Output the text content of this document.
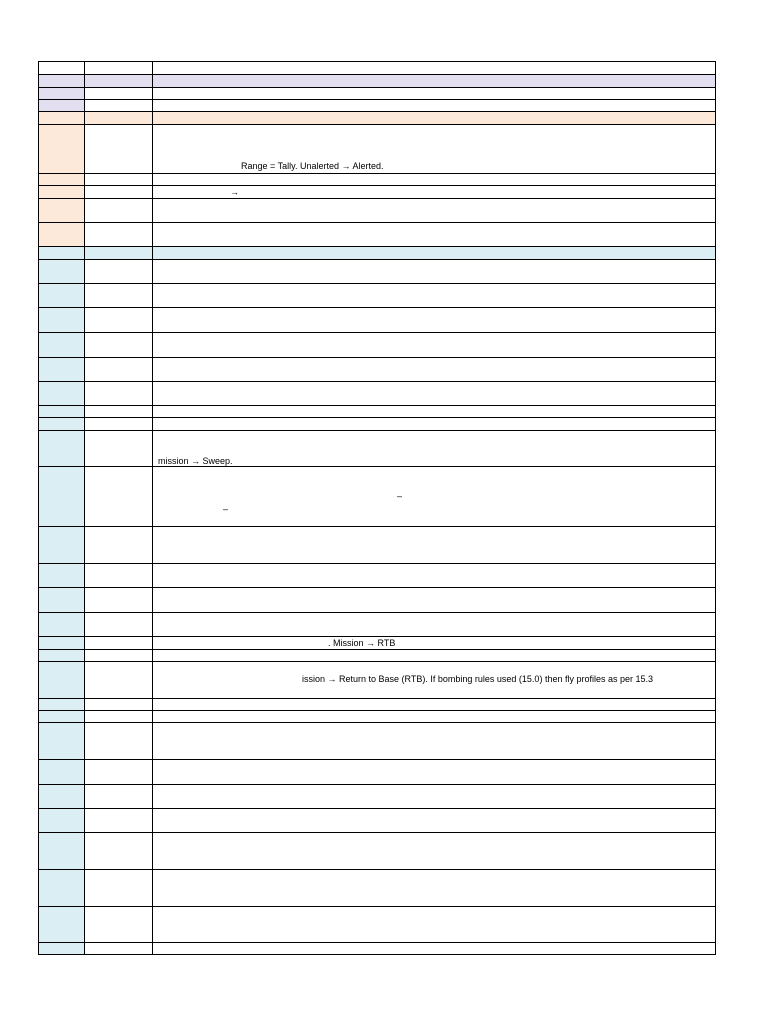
Range = Tally. Unalerted → Alerted.
→
mission → Sweep.
–
–
. Mission → RTB
ission → Return to Base (RTB). If bombing rules used (15.0) then fly profiles as per 15.3
